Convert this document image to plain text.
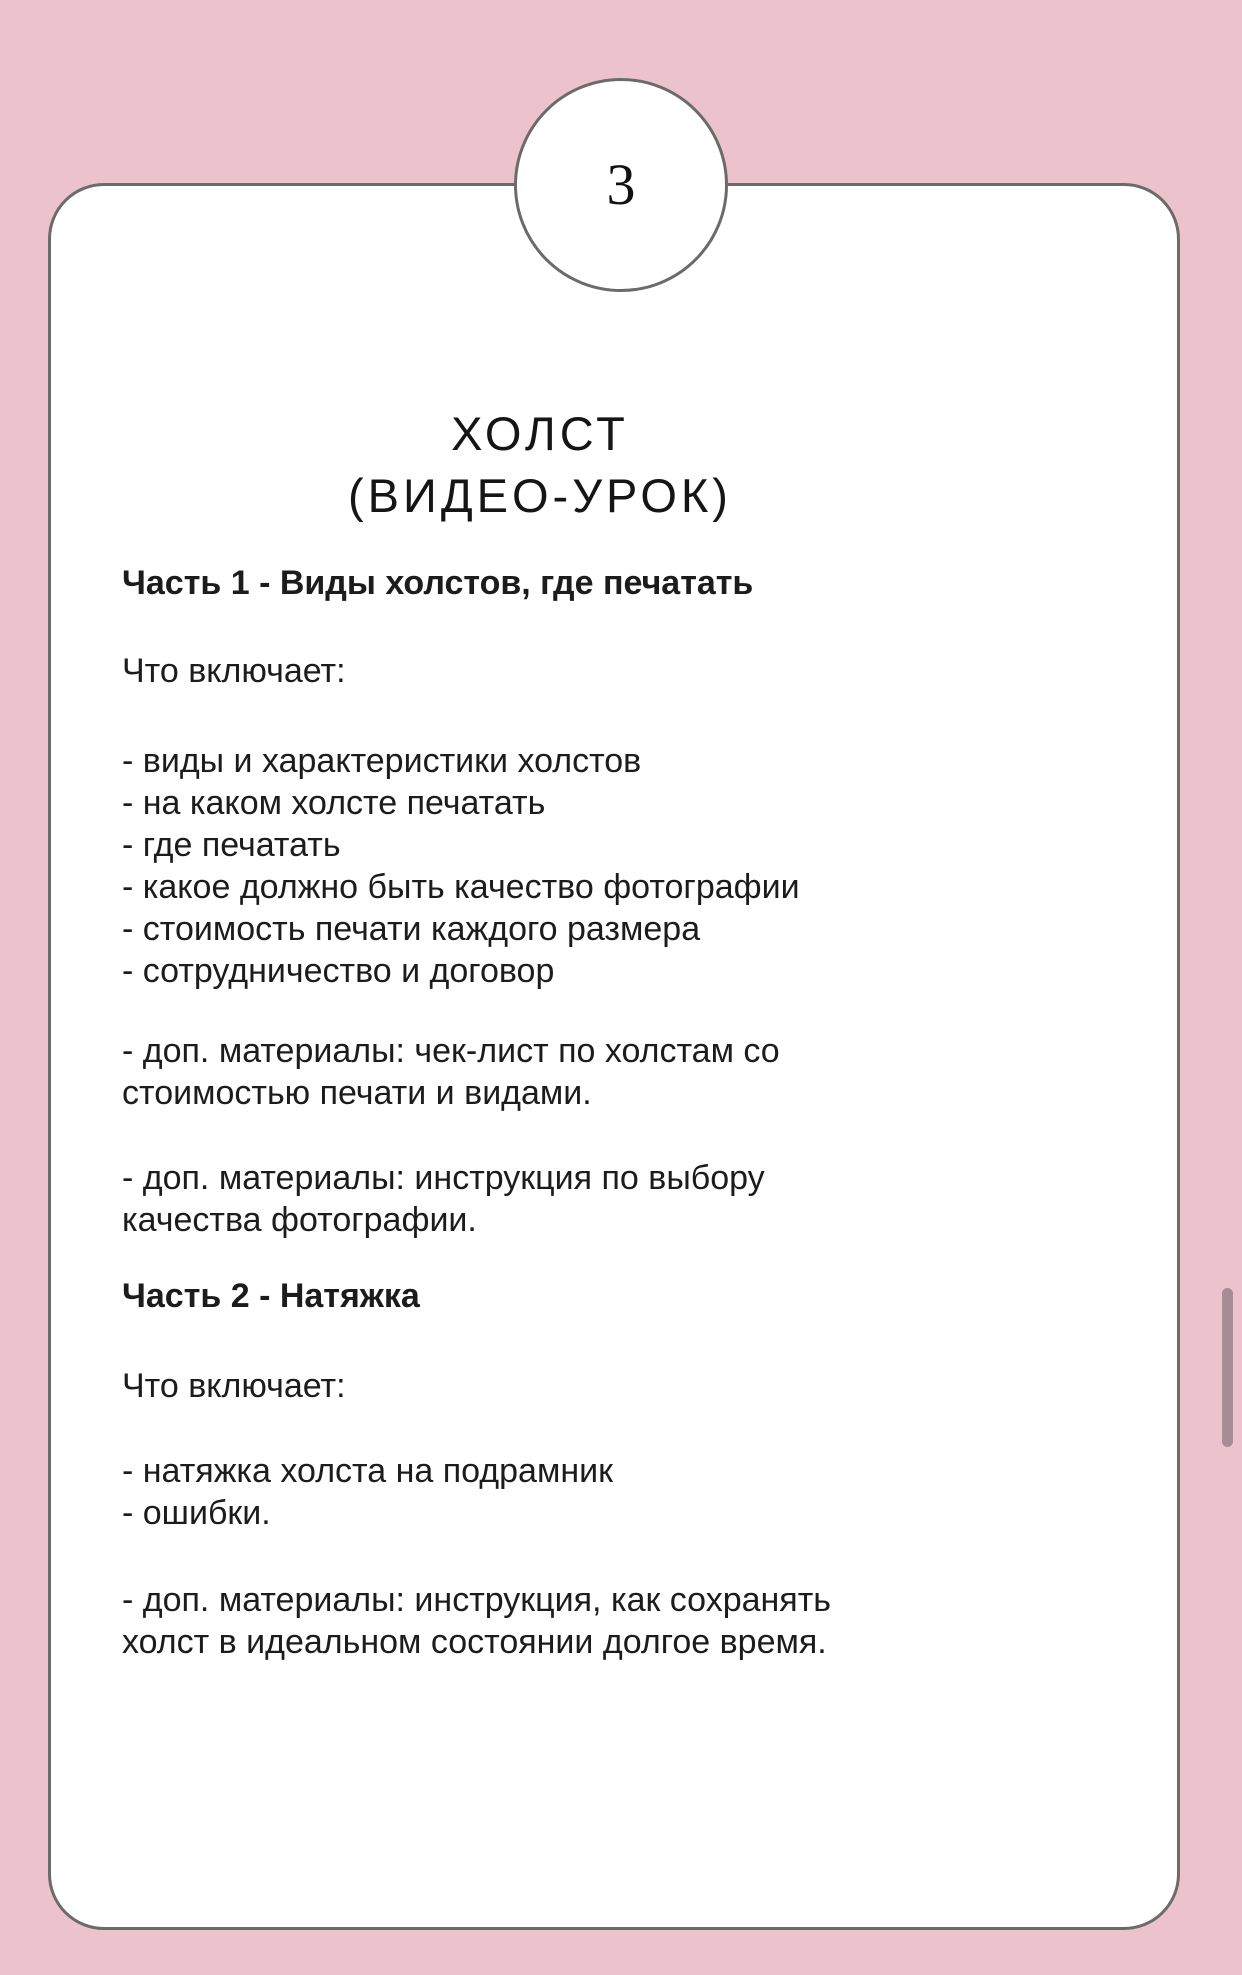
ХОЛСТ
(ВИДЕО-УРОК)
Часть 1 - Виды холстов, где печатать

Что включает:

- виды и характеристики холстов
- на каком холсте печатать
- где печатать
- какое должно быть качество фотографии
- стоимость печати каждого размера
- сотрудничество и договор
- доп. материалы: чек-лист по холстам со
стоимостью печати и видами.
- доп. материалы: инструкция по выбору
качества фотографии.
Часть 2 - Натяжка

Что включает:

- натяжка холста на подрамник
- ошибки.
- доп. материалы: инструкция, как сохранять
холст в идеальном состоянии долгое время.
3
